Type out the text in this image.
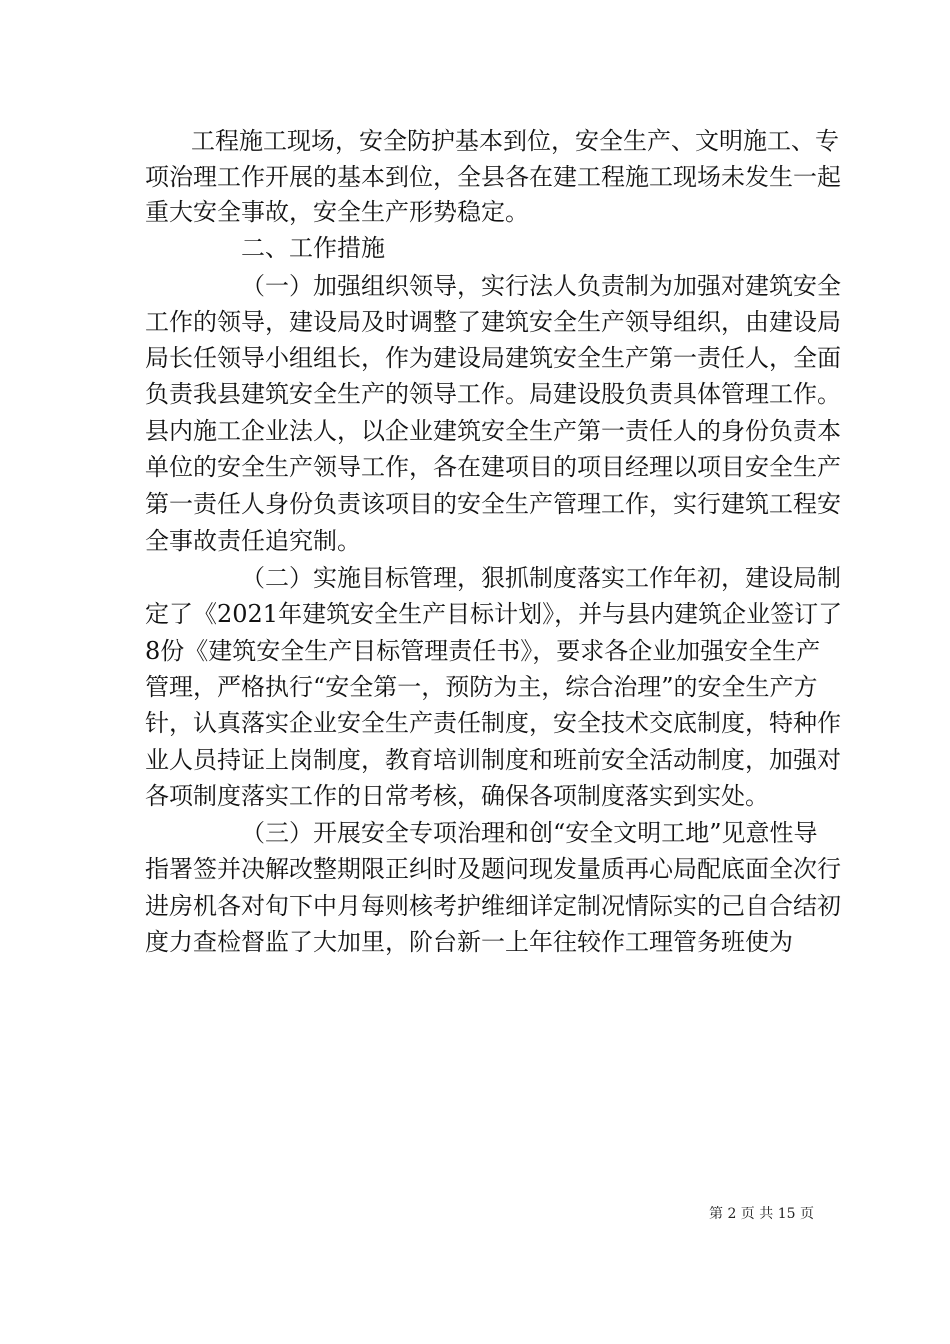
工程施工现场，安全防护基本到位，安全生产、文明施工、专
项治理工作开展的基本到位，全县各在建工程施工现场未发生一起
重大安全事故，安全生产形势稳定。
二、工作措施
（一）加强组织领导，实行法人负责制为加强对建筑安全
工作的领导，建设局及时调整了建筑安全生产领导组织，由建设局
局长任领导小组组长，作为建设局建筑安全生产第一责任人，全面
负责我县建筑安全生产的领导工作。局建设股负责具体管理工作。
县内施工企业法人，以企业建筑安全生产第一责任人的身份负责本
单位的安全生产领导工作，各在建项目的项目经理以项目安全生产
第一责任人身份负责该项目的安全生产管理工作，实行建筑工程安
全事故责任追究制。
（二）实施目标管理，狠抓制度落实工作年初，建设局制
定了《2021年建筑安全生产目标计划》，并与县内建筑企业签订了
8份《建筑安全生产目标管理责任书》，要求各企业加强安全生产
管理，严格执行“安全第一，预防为主，综合治理”的安全生产方
针，认真落实企业安全生产责任制度，安全技术交底制度，特种作
业人员持证上岗制度，教育培训制度和班前安全活动制度，加强对
各项制度落实工作的日常考核，确保各项制度落实到实处。
（三）开展安全专项治理和创“安全文明工地”见意性导
指署签并决解改整期限正纠时及题问现发量质再心局配底面全次行
进房机各对旬下中月每则核考护维细详定制况情际实的己自合结初
度力查检督监了大加里，阶台新一上年往较作工理管务班使为
第 2 页 共 15 页
